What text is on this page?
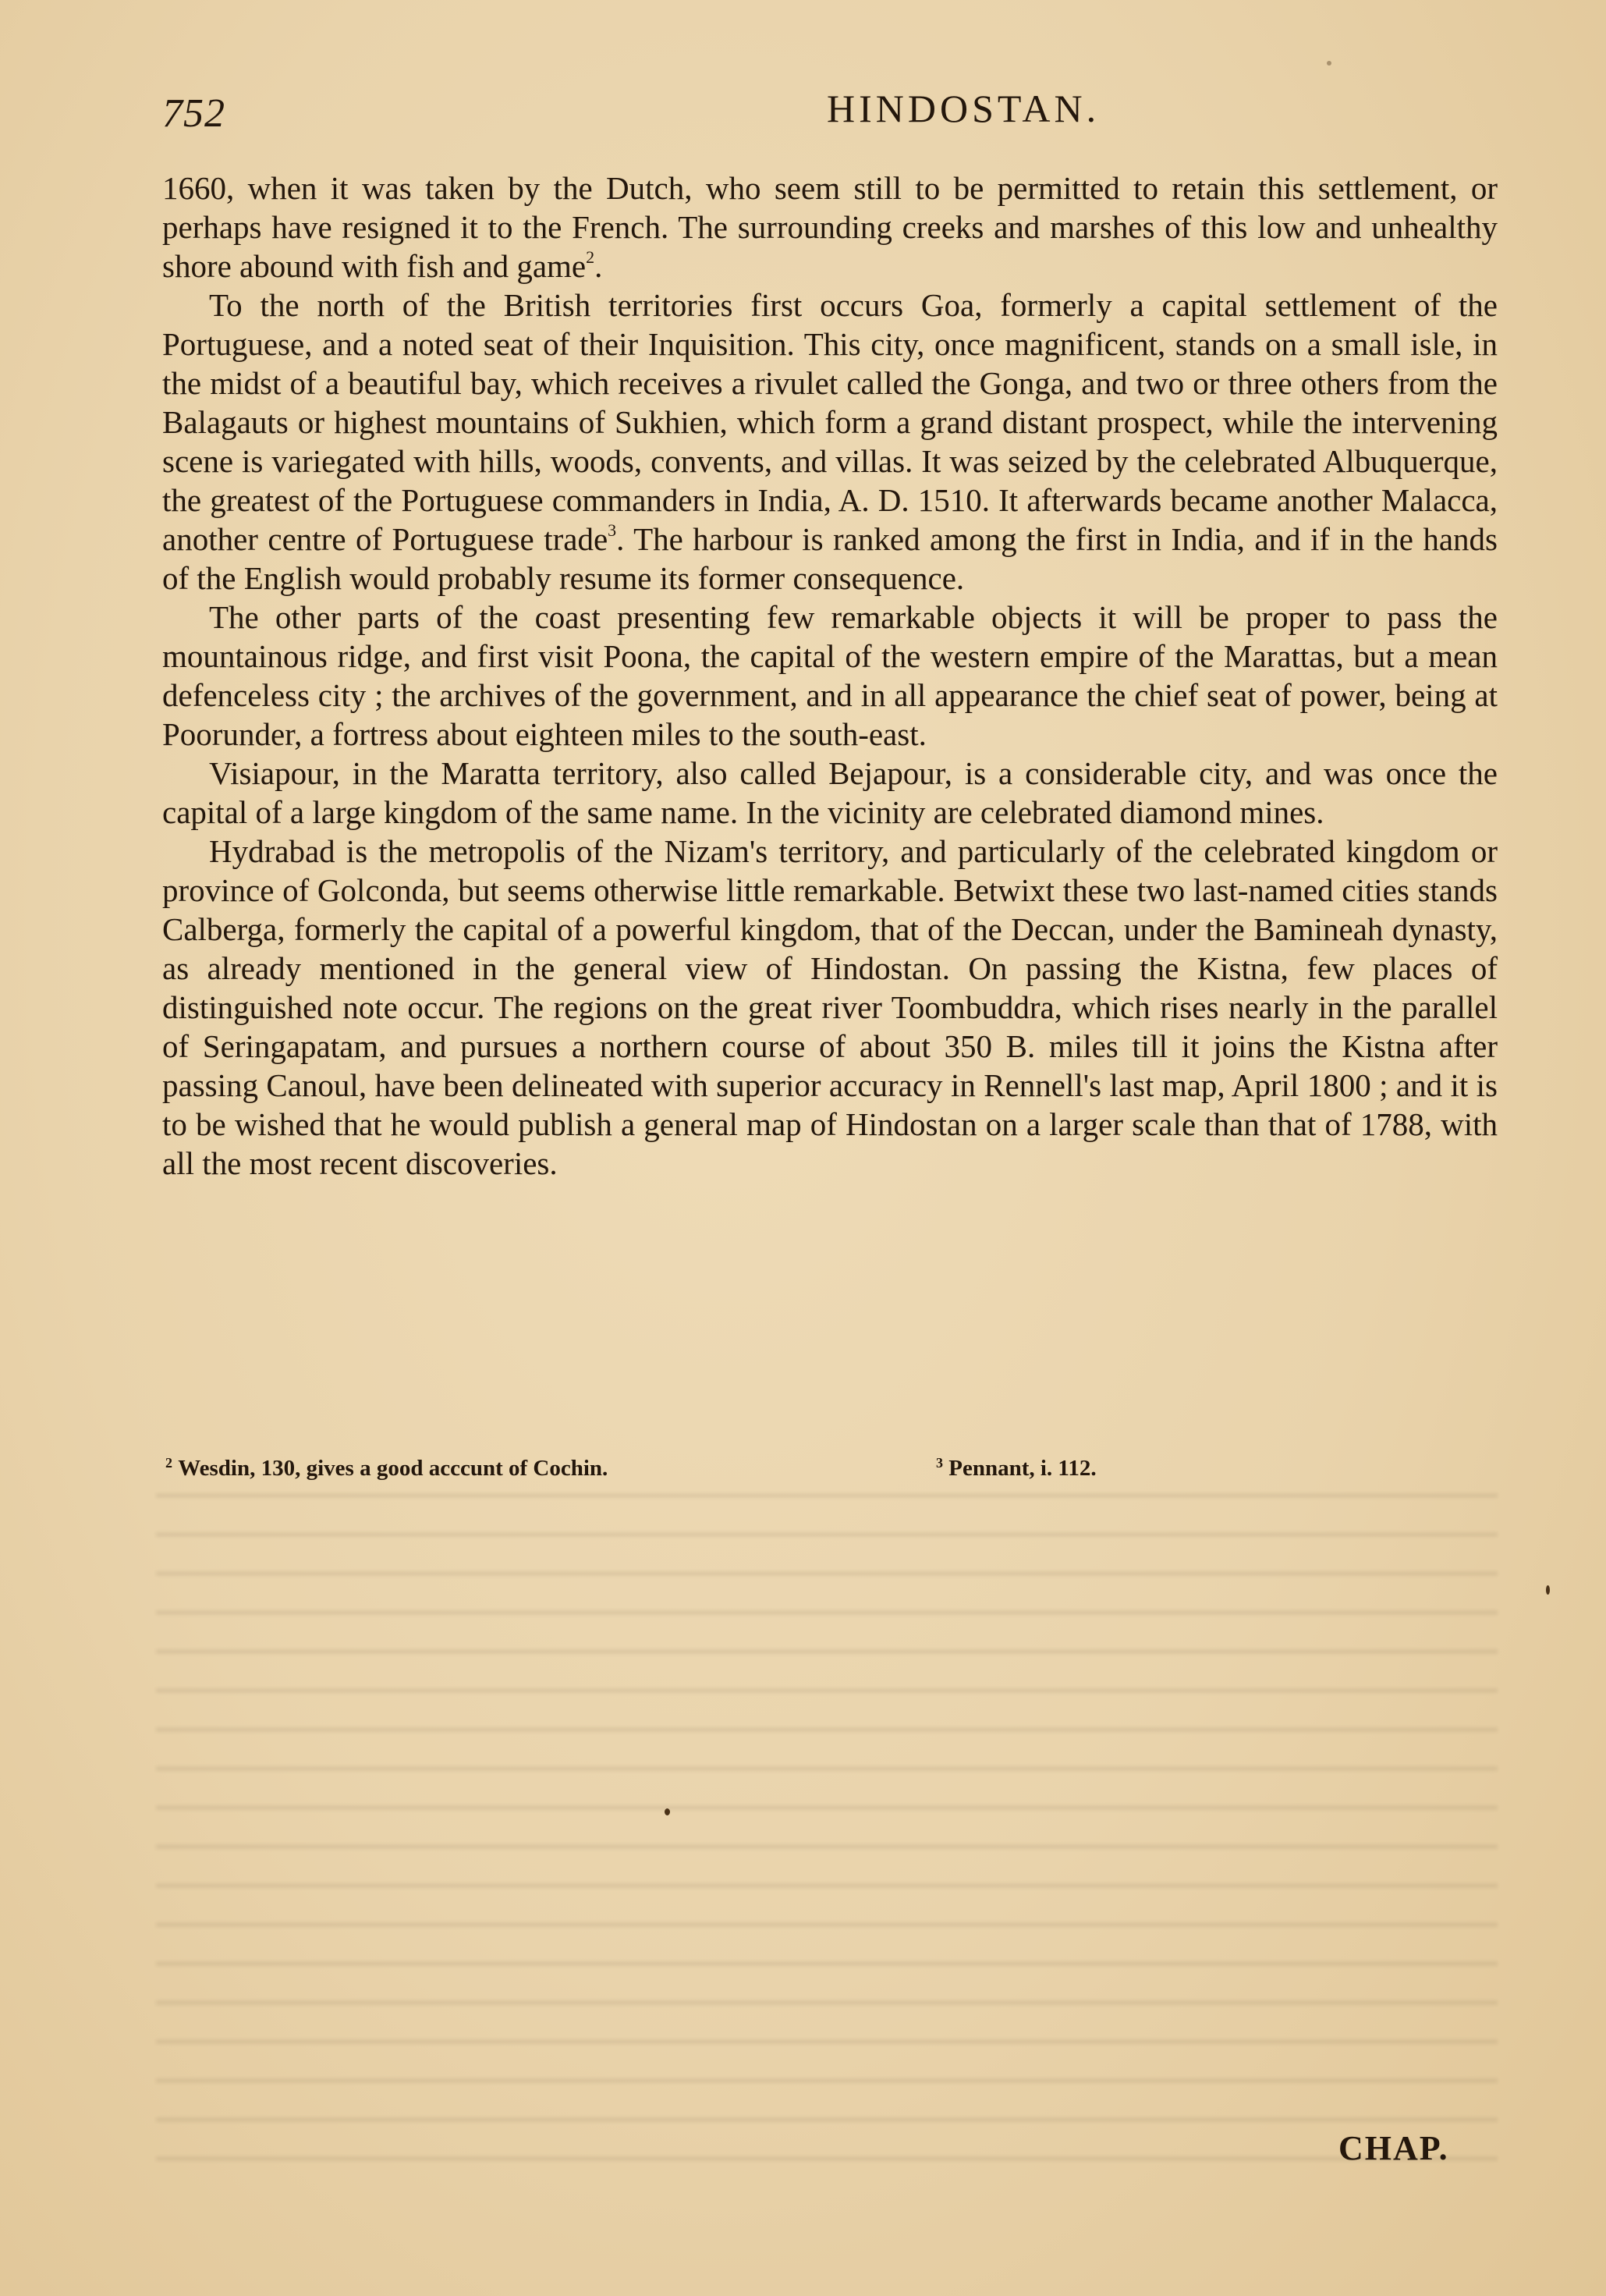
752	HINDOSTAN.

1660, when it was taken by the Dutch, who seem still to be permitted to retain this settlement, or perhaps have resigned it to the French. The surrounding creeks and marshes of this low and unhealthy shore abound with fish and game$^2$.

To the north of the British territories first occurs Goa, formerly a capital settlement of the Portuguese, and a noted seat of their Inquisition. This city, once magnificent, stands on a small isle, in the midst of a beautiful bay, which receives a rivulet called the Gonga, and two or three others from the Balagauts or highest mountains of Sukhien, which form a grand distant prospect, while the intervening scene is variegated with hills, woods, convents, and villas. It was seized by the celebrated Albuquerque, the greatest of the Portuguese commanders in India, A. D. 1510. It afterwards became another Malacca, another centre of Portuguese trade$^3$. The harbour is ranked among the first in India, and if in the hands of the English would probably resume its former consequence.

The other parts of the coast presenting few remarkable objects it will be proper to pass the mountainous ridge, and first visit Poona, the capital of the western empire of the Marattas, but a mean defenceless city ; the archives of the government, and in all appearance the chief seat of power, being at Poorunder, a fortress about eighteen miles to the south-east.

Visiapour, in the Maratta territory, also called Bejapour, is a considerable city, and was once the capital of a large kingdom of the same name. In the vicinity are celebrated diamond mines.

Hydrabad is the metropolis of the Nizam's territory, and particularly of the celebrated kingdom or province of Golconda, but seems otherwise little remarkable. Betwixt these two last-named cities stands Calberga, formerly the capital of a powerful kingdom, that of the Deccan, under the Bamineah dynasty, as already mentioned in the general view of Hindostan. On passing the Kistna, few places of distinguished note occur. The regions on the great river Toombuddra, which rises nearly in the parallel of Seringapatam, and pursues a northern course of about 350 B. miles till it joins the Kistna after passing Canoul, have been delineated with superior accuracy in Rennell's last map, April 1800 ; and it is to be wished that he would publish a general map of Hindostan on a larger scale than that of 1788, with all the most recent discoveries.

$^2$ Wesdin, 130, gives a good acccunt of Cochin.	$^3$ Pennant, i. 112.
CHAP.
